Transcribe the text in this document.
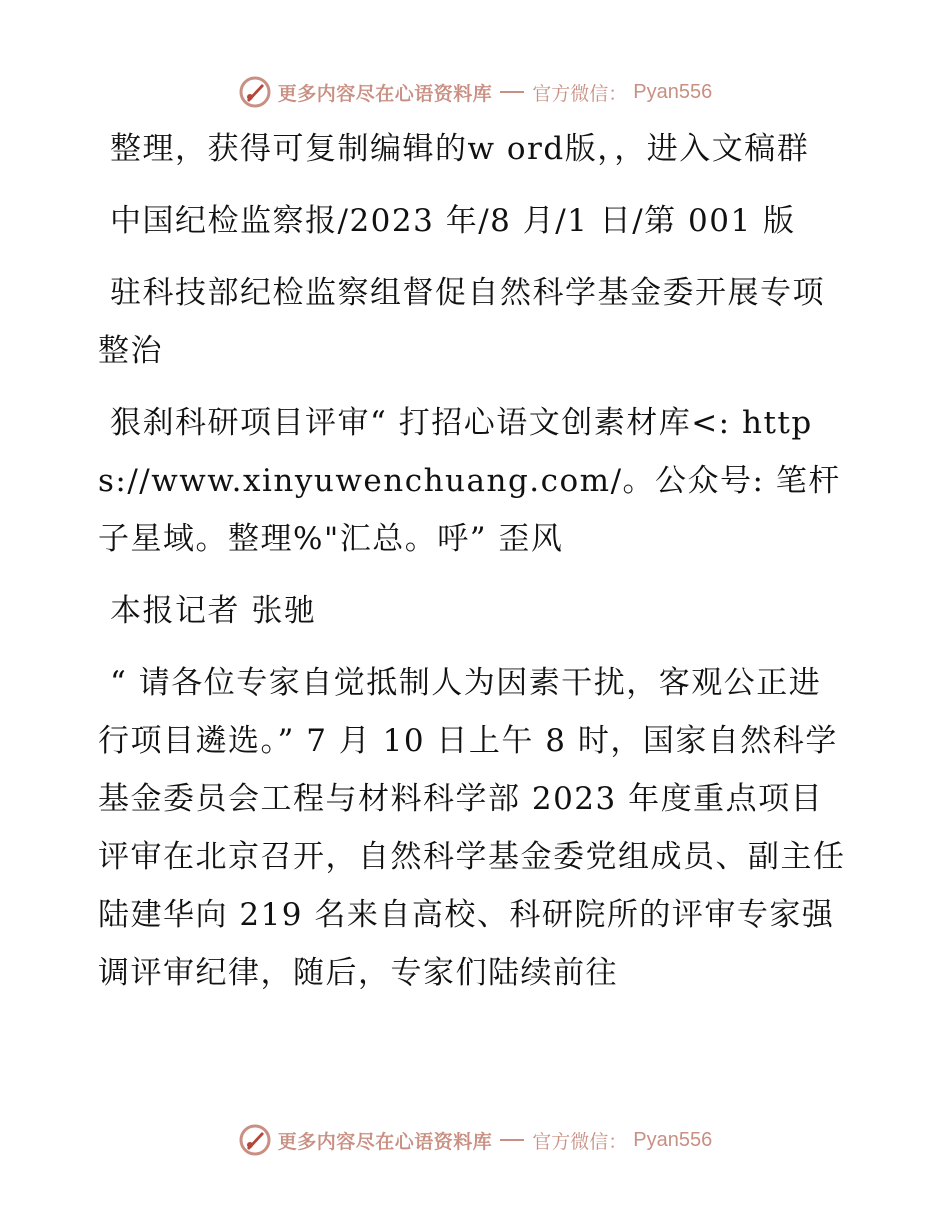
更多内容尽在心语资料库 官方微信： Pyan556

整理，获得可复制编辑的w ord版，，进入文稿群

中国纪检监察报/2023 年/8 月/1 日/第 001 版

驻科技部纪检监察组督促自然科学基金委开展专项整治

狠刹科研项目评审“ 打招心语文创素材库<: https://www.xinyuwenchuang.com/。公众号: 笔杆子星域。整理%"汇总。呼” 歪风

本报记者 张驰

“ 请各位专家自觉抵制人为因素干扰，客观公正进行项目遴选。” 7 月 10 日上午 8 时，国家自然科学基金委员会工程与材料科学部 2023 年度重点项目评审在北京召开，自然科学基金委党组成员、副主任陆建华向 219 名来自高校、科研院所的评审专家强调评审纪律，随后，专家们陆续前往

更多内容尽在心语资料库 官方微信： Pyan556
